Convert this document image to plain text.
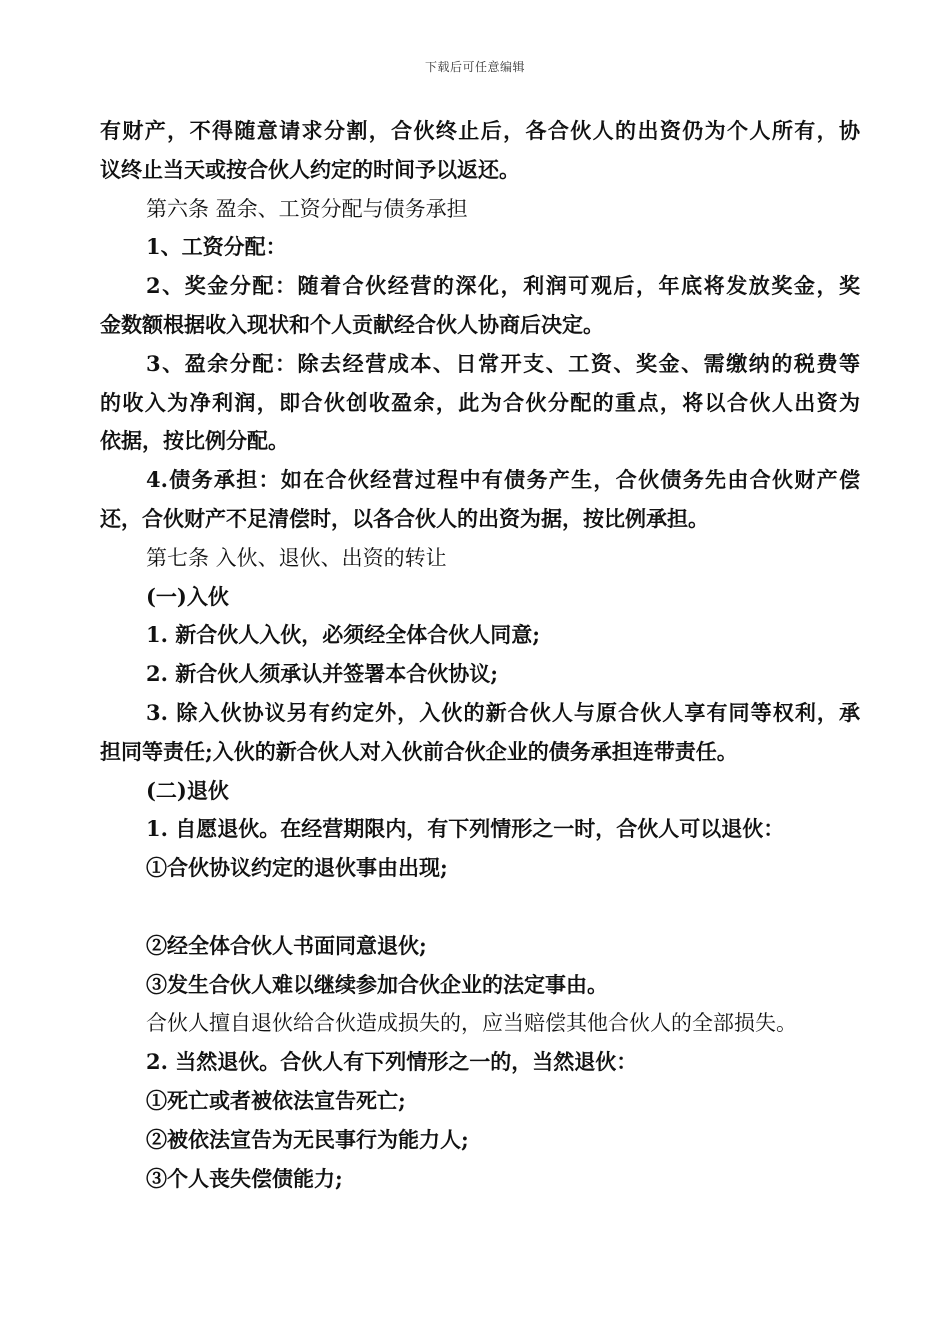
下载后可任意编辑
有财产，不得随意请求分割，合伙终止后，各合伙人的出资仍为个人所有，协
议终止当天或按合伙人约定的时间予以返还。
第六条 盈余、工资分配与债务承担
1、工资分配：
2、奖金分配：随着合伙经营的深化，利润可观后，年底将发放奖金，奖
金数额根据收入现状和个人贡献经合伙人协商后决定。
3、盈余分配：除去经营成本、日常开支、工资、奖金、需缴纳的税费等
的收入为净利润，即合伙创收盈余，此为合伙分配的重点，将以合伙人出资为
依据，按比例分配。
4.债务承担：如在合伙经营过程中有债务产生，合伙债务先由合伙财产偿
还，合伙财产不足清偿时，以各合伙人的出资为据，按比例承担。
第七条 入伙、退伙、出资的转让
(一)入伙
1. 新合伙人入伙，必须经全体合伙人同意;
2. 新合伙人须承认并签署本合伙协议;
3. 除入伙协议另有约定外，入伙的新合伙人与原合伙人享有同等权利，承
担同等责任;入伙的新合伙人对入伙前合伙企业的债务承担连带责任。
(二)退伙
1. 自愿退伙。在经营期限内，有下列情形之一时，合伙人可以退伙：
①合伙协议约定的退伙事由出现;
②经全体合伙人书面同意退伙;
③发生合伙人难以继续参加合伙企业的法定事由。
合伙人擅自退伙给合伙造成损失的，应当赔偿其他合伙人的全部损失。
2. 当然退伙。合伙人有下列情形之一的，当然退伙：
①死亡或者被依法宣告死亡;
②被依法宣告为无民事行为能力人;
③个人丧失偿债能力;
